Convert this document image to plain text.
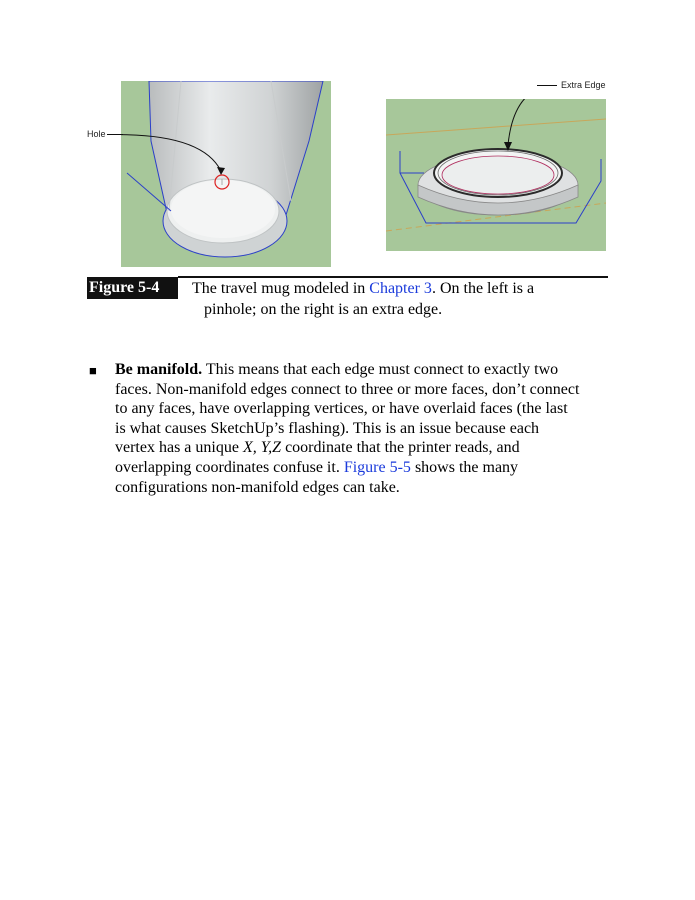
Hole
Extra Edge
Figure 5-4	The travel mug modeled in Chapter 3. On the left is a
pinhole; on the right is an extra edge.
■ Be manifold. This means that each edge must connect to exactly two
faces. Non-manifold edges connect to three or more faces, don’t connect
to any faces, have overlapping vertices, or have overlaid faces (the last
is what causes SketchUp’s flashing). This is an issue because each
vertex has a unique X, Y,Z coordinate that the printer reads, and
overlapping coordinates confuse it. Figure 5-5 shows the many
configurations non-manifold edges can take.
